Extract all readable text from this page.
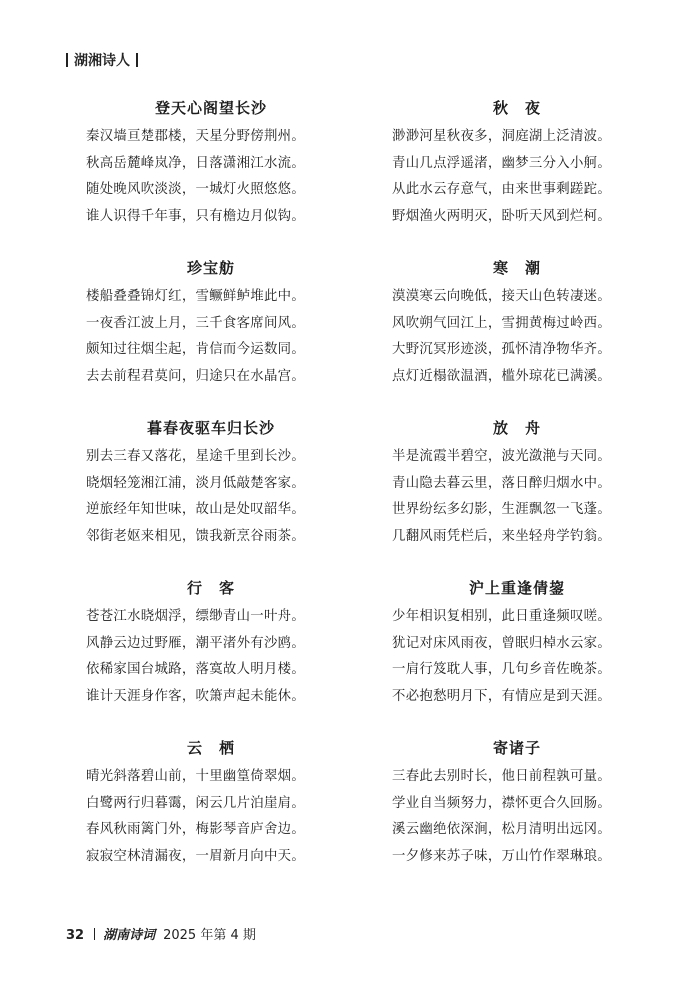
湖湘诗人
登天心阁望长沙
秦汉墙亘楚郡楼，天星分野傍荆州。
秋高岳麓峰岚净，日落潇湘江水流。
随处晚风吹淡淡，一城灯火照悠悠。
谁人识得千年事，只有檐边月似钩。
珍宝舫
楼船叠叠锦灯红，雪鳜鲜鲈堆此中。
一夜香江波上月，三千食客席间风。
颇知过往烟尘起，肯信而今运数同。
去去前程君莫问，归途只在水晶宫。
暮春夜驱车归长沙
别去三春又落花，星途千里到长沙。
晓烟轻笼湘江浦，淡月低敲楚客家。
逆旅经年知世味，故山是处叹韶华。
邻街老妪来相见，馈我新烹谷雨茶。
行　客
苍苍江水晓烟浮，缥缈青山一叶舟。
风静云边过野雁，潮平渚外有沙鸥。
依稀家国台城路，落寞故人明月楼。
谁计天涯身作客，吹箫声起未能休。
云　栖
晴光斜落碧山前，十里幽篁倚翠烟。
白鹭两行归暮霭，闲云几片泊崖肩。
春风秋雨篱门外，梅影琴音庐舍边。
寂寂空林清漏夜，一眉新月向中天。
秋　夜
渺渺河星秋夜多，洞庭湖上泛清波。
青山几点浮遥渚，幽梦三分入小舸。
从此水云存意气，由来世事剩蹉跎。
野烟渔火两明灭，卧听天风到烂柯。
寒　潮
漠漠寒云向晚低，接天山色转凄迷。
风吹朔气回江上，雪拥黄梅过岭西。
大野沉冥形迹淡，孤怀清净物华齐。
点灯近榻欲温酒，槛外琼花已满溪。
放　舟
半是流霞半碧空，波光潋滟与天同。
青山隐去暮云里，落日醉归烟水中。
世界纷纭多幻影，生涯飘忽一飞蓬。
几翻风雨凭栏后，来坐轻舟学钓翁。
沪上重逢倩鋆
少年相识复相别，此日重逢频叹嗟。
犹记对床风雨夜，曾眠归棹水云家。
一肩行笈耽人事，几句乡音佐晚茶。
不必抱愁明月下，有情应是到天涯。
寄诸子
三春此去别时长，他日前程孰可量。
学业自当频努力，襟怀更合久回肠。
溪云幽绝依深涧，松月清明出远冈。
一夕修来苏子味，万山竹作翠琳琅。
32 湖南诗词 2025 年第 4 期
